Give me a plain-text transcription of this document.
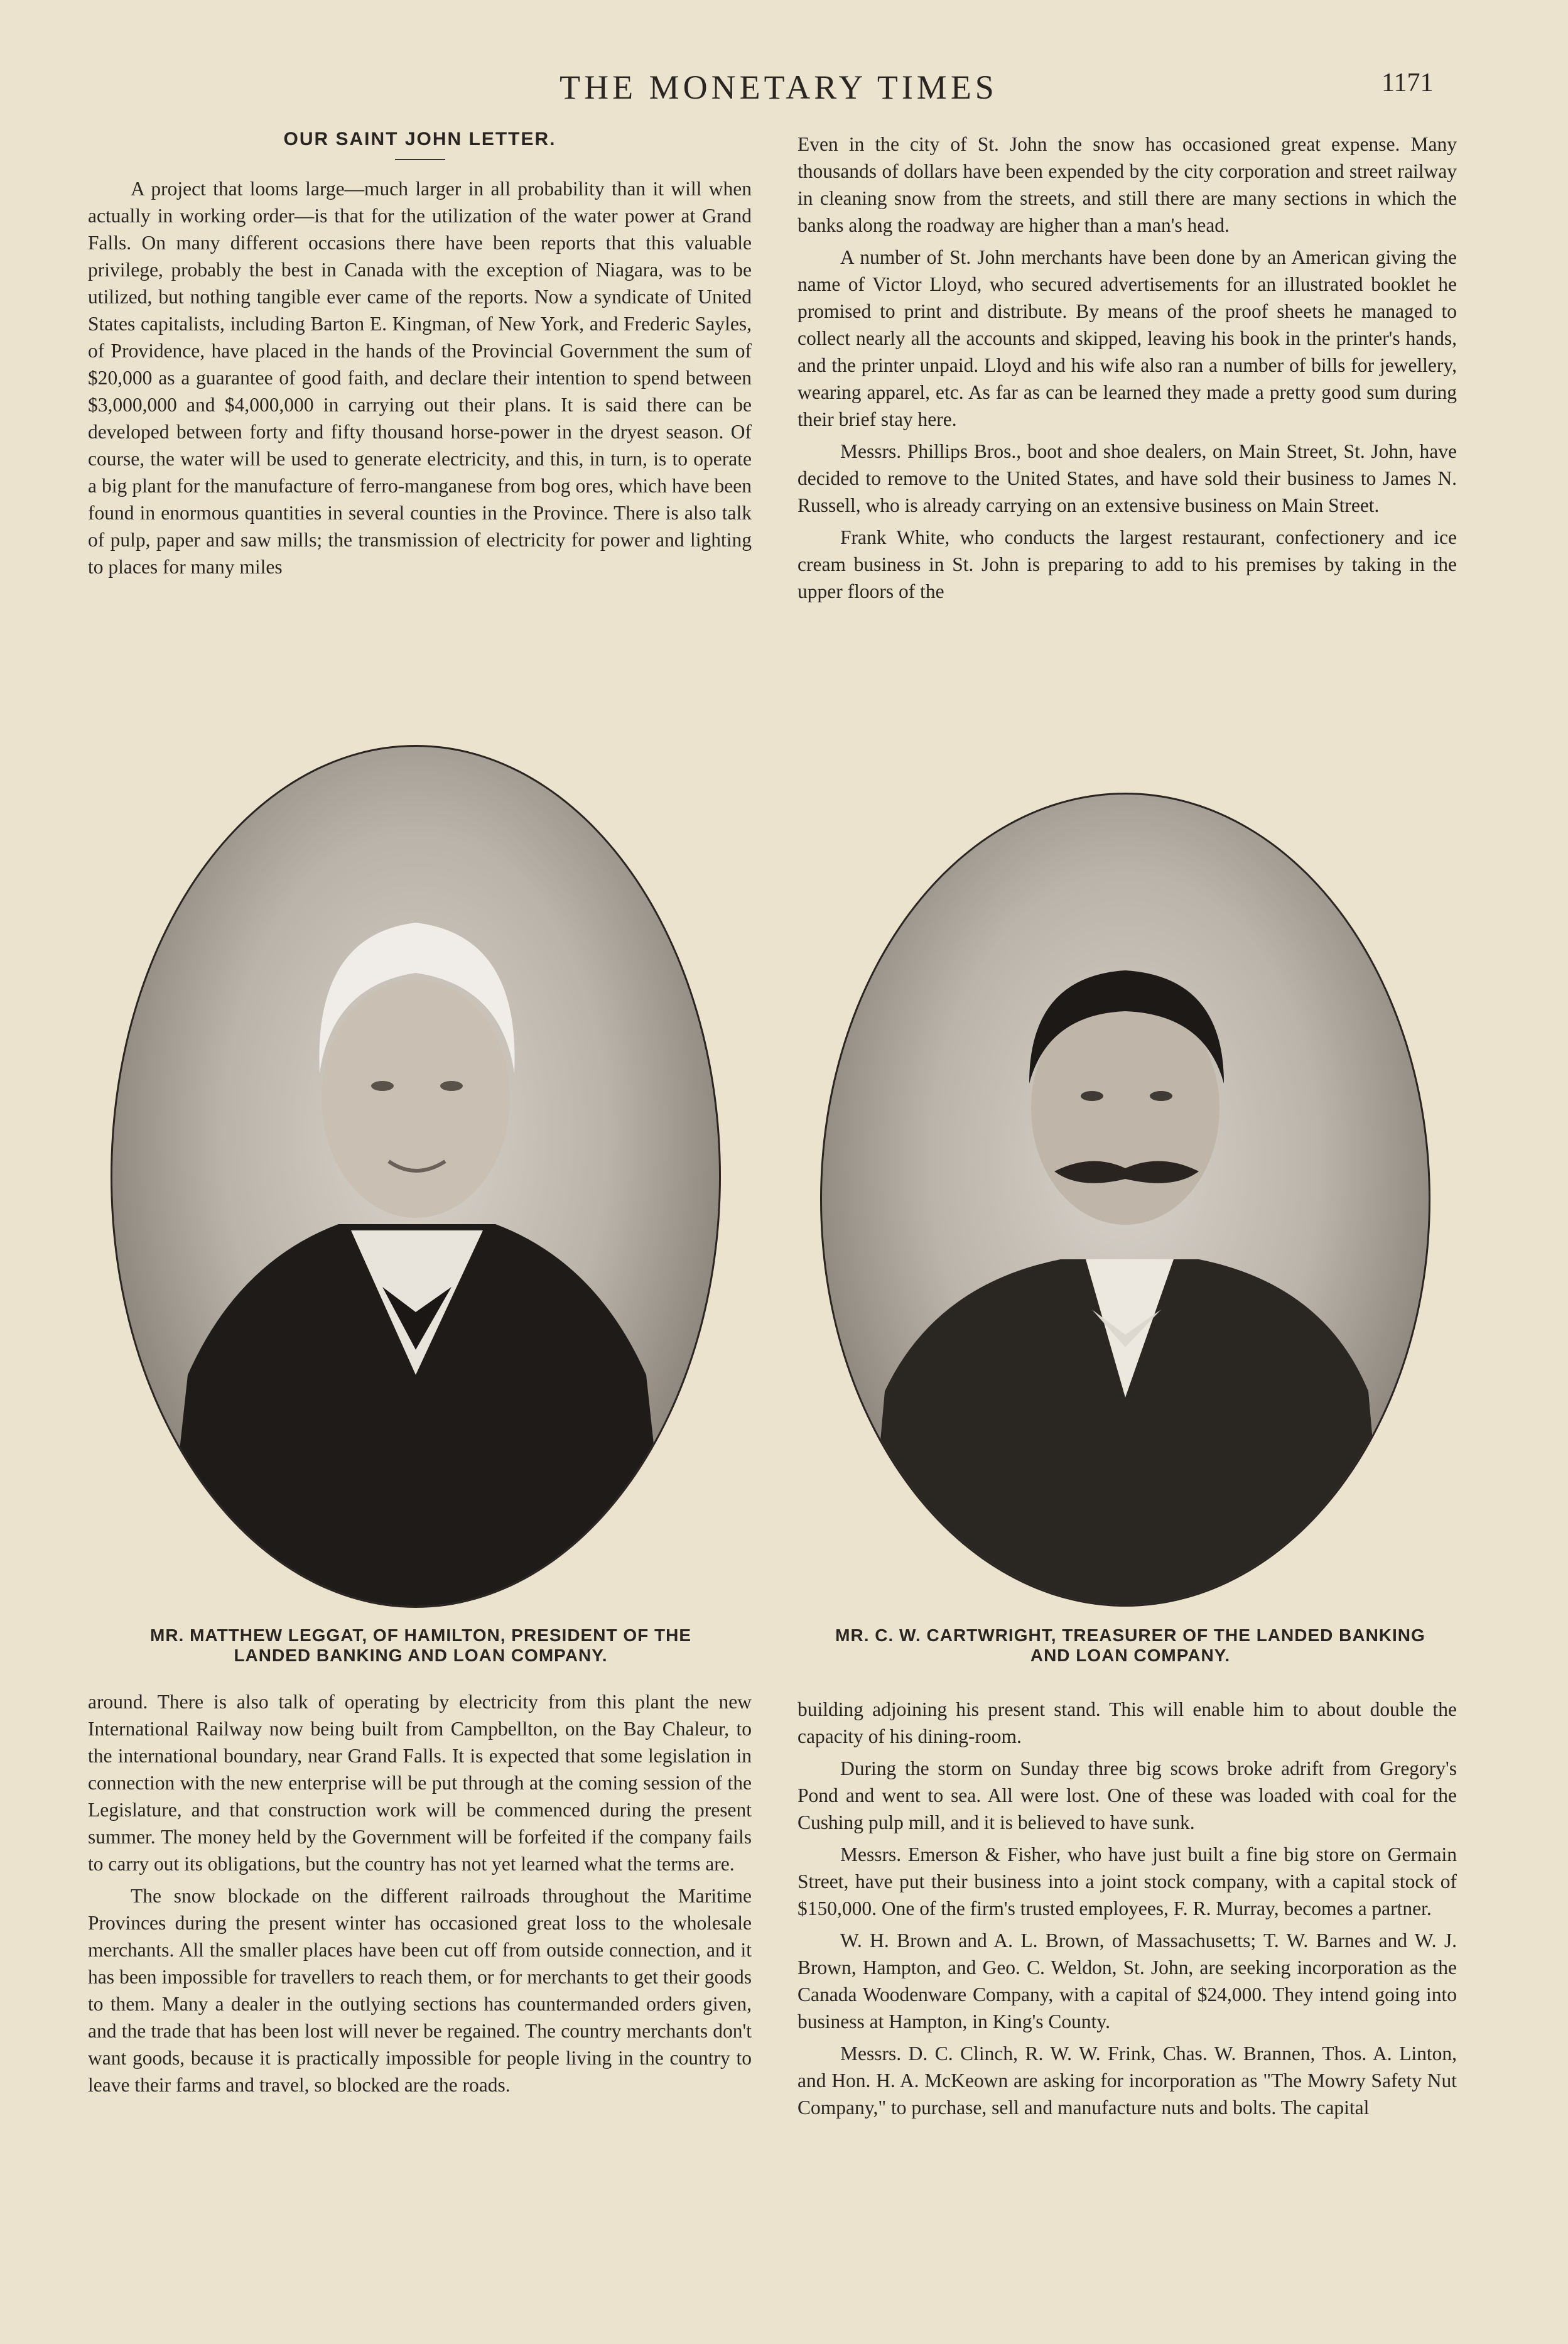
THE MONETARY TIMES	1171
OUR SAINT JOHN LETTER.

A project that looms large—much larger in all probability than it will when actually in working order—is that for the utilization of the water power at Grand Falls. On many different occasions there have been reports that this valuable privilege, probably the best in Canada with the exception of Niagara, was to be utilized, but nothing tangible ever came of the reports. Now a syndicate of United States capitalists, including Barton E. Kingman, of New York, and Frederic Sayles, of Providence, have placed in the hands of the Provincial Government the sum of $20,000 as a guarantee of good faith, and declare their intention to spend between $3,000,000 and $4,000,000 in carrying out their plans. It is said there can be developed between forty and fifty thousand horse-power in the dryest season. Of course, the water will be used to generate electricity, and this, in turn, is to operate a big plant for the manufacture of ferro-manganese from bog ores, which have been found in enormous quantities in several counties in the Province. There is also talk of pulp, paper and saw mills; the transmission of electricity for power and lighting to places for many miles

Even in the city of St. John the snow has occasioned great expense. Many thousands of dollars have been expended by the city corporation and street railway in cleaning snow from the streets, and still there are many sections in which the banks along the roadway are higher than a man's head.

A number of St. John merchants have been done by an American giving the name of Victor Lloyd, who secured advertisements for an illustrated booklet he promised to print and distribute. By means of the proof sheets he managed to collect nearly all the accounts and skipped, leaving his book in the printer's hands, and the printer unpaid. Lloyd and his wife also ran a number of bills for jewellery, wearing apparel, etc. As far as can be learned they made a pretty good sum during their brief stay here.

Messrs. Phillips Bros., boot and shoe dealers, on Main Street, St. John, have decided to remove to the United States, and have sold their business to James N. Russell, who is already carrying on an extensive business on Main Street.

Frank White, who conducts the largest restaurant, confectionery and ice cream business in St. John is preparing to add to his premises by taking in the upper floors of the

MR. MATTHEW LEGGAT, OF HAMILTON, PRESIDENT OF THE
LANDED BANKING AND LOAN COMPANY.
MR. C. W. CARTWRIGHT, TREASURER OF THE LANDED BANKING
AND LOAN COMPANY.

around. There is also talk of operating by electricity from this plant the new International Railway now being built from Campbellton, on the Bay Chaleur, to the international boundary, near Grand Falls. It is expected that some legislation in connection with the new enterprise will be put through at the coming session of the Legislature, and that construction work will be commenced during the present summer. The money held by the Government will be forfeited if the company fails to carry out its obligations, but the country has not yet learned what the terms are.

The snow blockade on the different railroads throughout the Maritime Provinces during the present winter has occasioned great loss to the wholesale merchants. All the smaller places have been cut off from outside connection, and it has been impossible for travellers to reach them, or for merchants to get their goods to them. Many a dealer in the outlying sections has countermanded orders given, and the trade that has been lost will never be regained. The country merchants don't want goods, because it is practically impossible for people living in the country to leave their farms and travel, so blocked are the roads.

building adjoining his present stand. This will enable him to about double the capacity of his dining-room.

During the storm on Sunday three big scows broke adrift from Gregory's Pond and went to sea. All were lost. One of these was loaded with coal for the Cushing pulp mill, and it is believed to have sunk.

Messrs. Emerson & Fisher, who have just built a fine big store on Germain Street, have put their business into a joint stock company, with a capital stock of $150,000. One of the firm's trusted employees, F. R. Murray, becomes a partner.

W. H. Brown and A. L. Brown, of Massachusetts; T. W. Barnes and W. J. Brown, Hampton, and Geo. C. Weldon, St. John, are seeking incorporation as the Canada Woodenware Company, with a capital of $24,000. They intend going into business at Hampton, in King's County.

Messrs. D. C. Clinch, R. W. W. Frink, Chas. W. Brannen, Thos. A. Linton, and Hon. H. A. McKeown are asking for incorporation as "The Mowry Safety Nut Company," to purchase, sell and manufacture nuts and bolts. The capital
